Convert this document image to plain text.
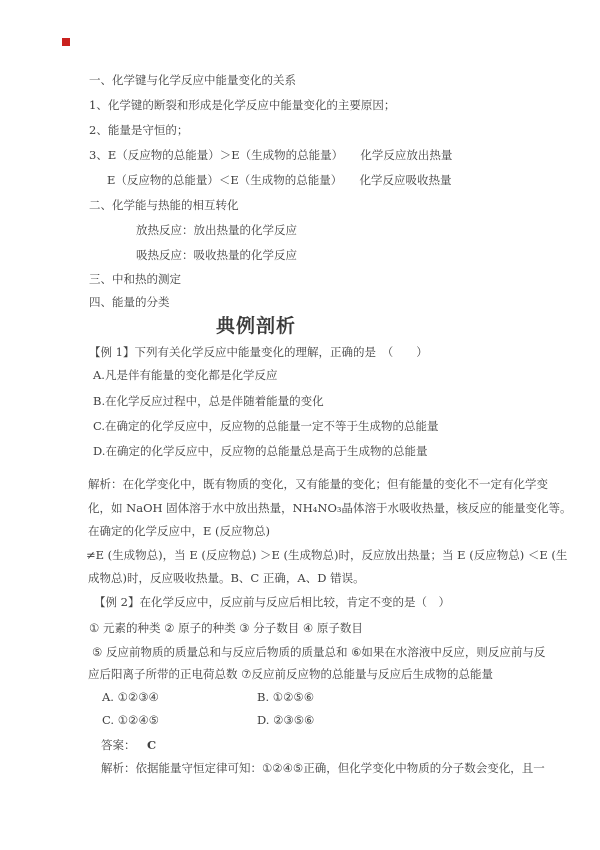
一、化学键与化学反应中能量变化的关系
1、化学键的断裂和形成是化学反应中能量变化的主要原因；
2、能量是守恒的；
3、E（反应物的总能量）＞E（生成物的总能量）　　化学反应放出热量
E（反应物的总能量）＜E（生成物的总能量）　　化学反应吸收热量
二、化学能与热能的相互转化
放热反应：放出热量的化学反应
吸热反应：吸收热量的化学反应
三、中和热的测定
四、能量的分类
典例剖析
【例 1】下列有关化学反应中能量变化的理解，正确的是　（　　）
A.凡是伴有能量的变化都是化学反应
B.在化学反应过程中，总是伴随着能量的变化
C.在确定的化学反应中，反应物的总能量一定不等于生成物的总能量
D.在确定的化学反应中，反应物的总能量总是高于生成物的总能量
解析：在化学变化中，既有物质的变化，又有能量的变化；但有能量的变化不一定有化学变
化，如 NaOH 固体溶于水中放出热量，NH₄NO₃晶体溶于水吸收热量，核反应的能量变化等。
在确定的化学反应中，E (反应物总)
≠E (生成物总)，当 E (反应物总) ＞E (生成物总)时，反应放出热量；当 E (反应物总) ＜E (生
成物总)时，反应吸收热量。B、C 正确，A、D 错误。
【例 2】在化学反应中，反应前与反应后相比较，肯定不变的是（　）
① 元素的种类 ② 原子的种类 ③ 分子数目 ④ 原子数目
⑤ 反应前物质的质量总和与反应后物质的质量总和 ⑥如果在水溶液中反应，则反应前与反
应后阳离子所带的正电荷总数 ⑦反应前反应物的总能量与反应后生成物的总能量
A. ①②③④	B. ①②⑤⑥
C. ①②④⑤	D. ②③⑤⑥
答案： C
解析：依据能量守恒定律可知：①②④⑤正确，但化学变化中物质的分子数会变化，且一
